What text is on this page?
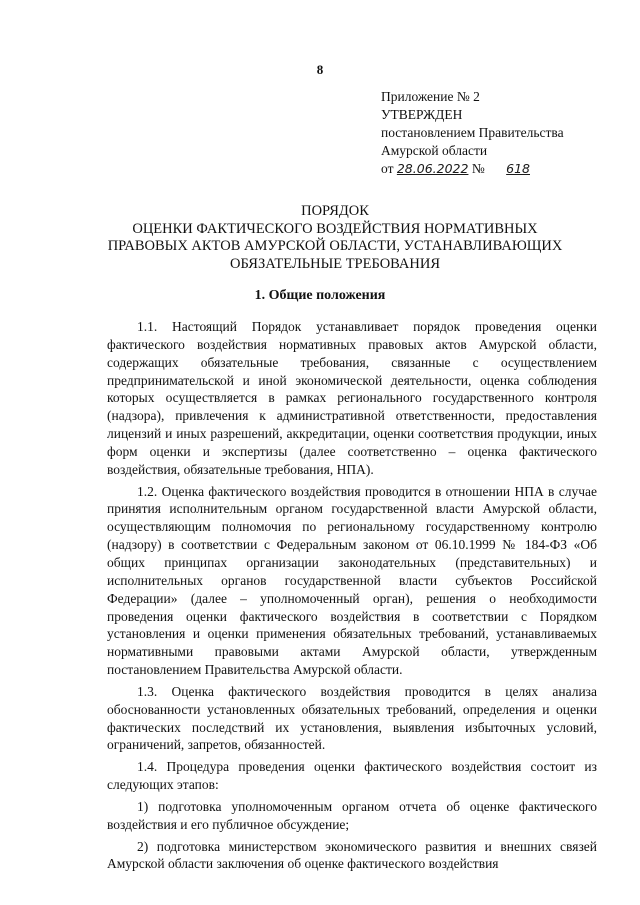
8
Приложение № 2
УТВЕРЖДЕН
постановлением Правительства
Амурской области
от 28.06.2022 № 618
ПОРЯДОК
ОЦЕНКИ ФАКТИЧЕСКОГО ВОЗДЕЙСТВИЯ НОРМАТИВНЫХ
ПРАВОВЫХ АКТОВ АМУРСКОЙ ОБЛАСТИ, УСТАНАВЛИВАЮЩИХ
ОБЯЗАТЕЛЬНЫЕ ТРЕБОВАНИЯ
1. Общие положения

1.1. Настоящий Порядок устанавливает порядок проведения оценки фактического воздействия нормативных правовых актов Амурской области, содержащих обязательные требования, связанные с осуществлением предпринимательской и иной экономической деятельности, оценка соблюдения которых осуществляется в рамках регионального государственного контроля (надзора), привлечения к административной ответственности, предоставления лицензий и иных разрешений, аккредитации, оценки соответствия продукции, иных форм оценки и экспертизы (далее соответственно – оценка фактического воздействия, обязательные требования, НПА).

1.2. Оценка фактического воздействия проводится в отношении НПА в случае принятия исполнительным органом государственной власти Амурской области, осуществляющим полномочия по региональному государственному контролю (надзору) в соответствии с Федеральным законом от 06.10.1999 № 184-ФЗ «Об общих принципах организации законодательных (представительных) и исполнительных органов государственной власти субъектов Российской Федерации» (далее – уполномоченный орган), решения о необходимости проведения оценки фактического воздействия в соответствии с Порядком установления и оценки применения обязательных требований, устанавливаемых нормативными правовыми актами Амурской области, утвержденным постановлением Правительства Амурской области.

1.3. Оценка фактического воздействия проводится в целях анализа обоснованности установленных обязательных требований, определения и оценки фактических последствий их установления, выявления избыточных условий, ограничений, запретов, обязанностей.

1.4. Процедура проведения оценки фактического воздействия состоит из следующих этапов:

1) подготовка уполномоченным органом отчета об оценке фактического воздействия и его публичное обсуждение;

2) подготовка министерством экономического развития и внешних связей Амурской области заключения об оценке фактического воздействия
